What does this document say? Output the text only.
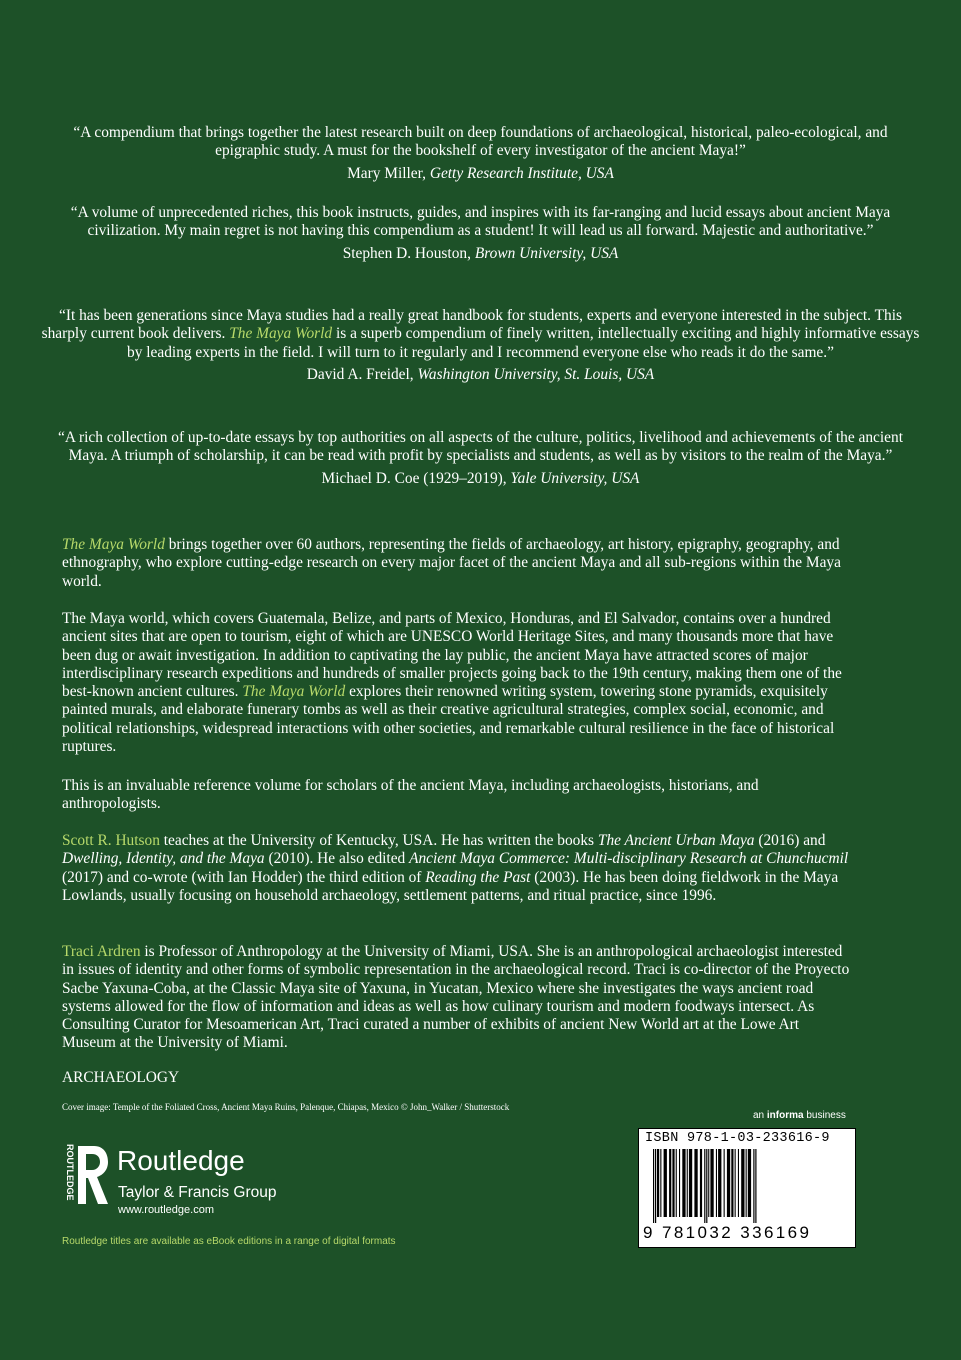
“A compendium that brings together the latest research built on deep foundations of archaeological, historical, paleo-ecological, and epigraphic study. A must for the bookshelf of every investigator of the ancient Maya!”

Mary Miller, Getty Research Institute, USA

“A volume of unprecedented riches, this book instructs, guides, and inspires with its far-ranging and lucid essays about ancient Maya civilization. My main regret is not having this compendium as a student! It will lead us all forward. Majestic and authoritative.”

Stephen D. Houston, Brown University, USA

“It has been generations since Maya studies had a really great handbook for students, experts and everyone interested in the subject. This sharply current book delivers. The Maya World is a superb compendium of finely written, intellectually exciting and highly informative essays by leading experts in the field. I will turn to it regularly and I recommend everyone else who reads it do the same.”

David A. Freidel, Washington University, St. Louis, USA

“A rich collection of up-to-date essays by top authorities on all aspects of the culture, politics, livelihood and achievements of the ancient Maya. A triumph of scholarship, it can be read with profit by specialists and students, as well as by visitors to the realm of the Maya.”

Michael D. Coe (1929–2019), Yale University, USA

The Maya World brings together over 60 authors, representing the fields of archaeology, art history, epigraphy, geography, and ethnography, who explore cutting-edge research on every major facet of the ancient Maya and all sub-regions within the Maya world.

The Maya world, which covers Guatemala, Belize, and parts of Mexico, Honduras, and El Salvador, contains over a hundred ancient sites that are open to tourism, eight of which are UNESCO World Heritage Sites, and many thousands more that have been dug or await investigation. In addition to captivating the lay public, the ancient Maya have attracted scores of major interdisciplinary research expeditions and hundreds of smaller projects going back to the 19th century, making them one of the best-known ancient cultures. The Maya World explores their renowned writing system, towering stone pyramids, exquisitely painted murals, and elaborate funerary tombs as well as their creative agricultural strategies, complex social, economic, and political relationships, widespread interactions with other societies, and remarkable cultural resilience in the face of historical ruptures.

This is an invaluable reference volume for scholars of the ancient Maya, including archaeologists, historians, and anthropologists.

Scott R. Hutson teaches at the University of Kentucky, USA. He has written the books The Ancient Urban Maya (2016) and Dwelling, Identity, and the Maya (2010). He also edited Ancient Maya Commerce: Multi-disciplinary Research at Chunchucmil (2017) and co-wrote (with Ian Hodder) the third edition of Reading the Past (2003). He has been doing fieldwork in the Maya Lowlands, usually focusing on household archaeology, settlement patterns, and ritual practice, since 1996.

Traci Ardren is Professor of Anthropology at the University of Miami, USA. She is an anthropological archaeologist interested in issues of identity and other forms of symbolic representation in the archaeological record. Traci is co-director of the Proyecto Sacbe Yaxuna-Coba, at the Classic Maya site of Yaxuna, in Yucatan, Mexico where she investigates the ways ancient road systems allowed for the flow of information and ideas as well as how culinary tourism and modern foodways intersect. As Consulting Curator for Mesoamerican Art, Traci curated a number of exhibits of ancient New World art at the Lowe Art Museum at the University of Miami.

ARCHAEOLOGY
Cover image: Temple of the Foliated Cross, Ancient Maya Ruins, Palenque, Chiapas, Mexico © John_Walker / Shutterstock
an informa business
ISBN 978-1-03-233616-9
9 781032 336169
ROUTLEDGE Routledge
Taylor & Francis Group
www.routledge.com
Routledge titles are available as eBook editions in a range of digital formats
